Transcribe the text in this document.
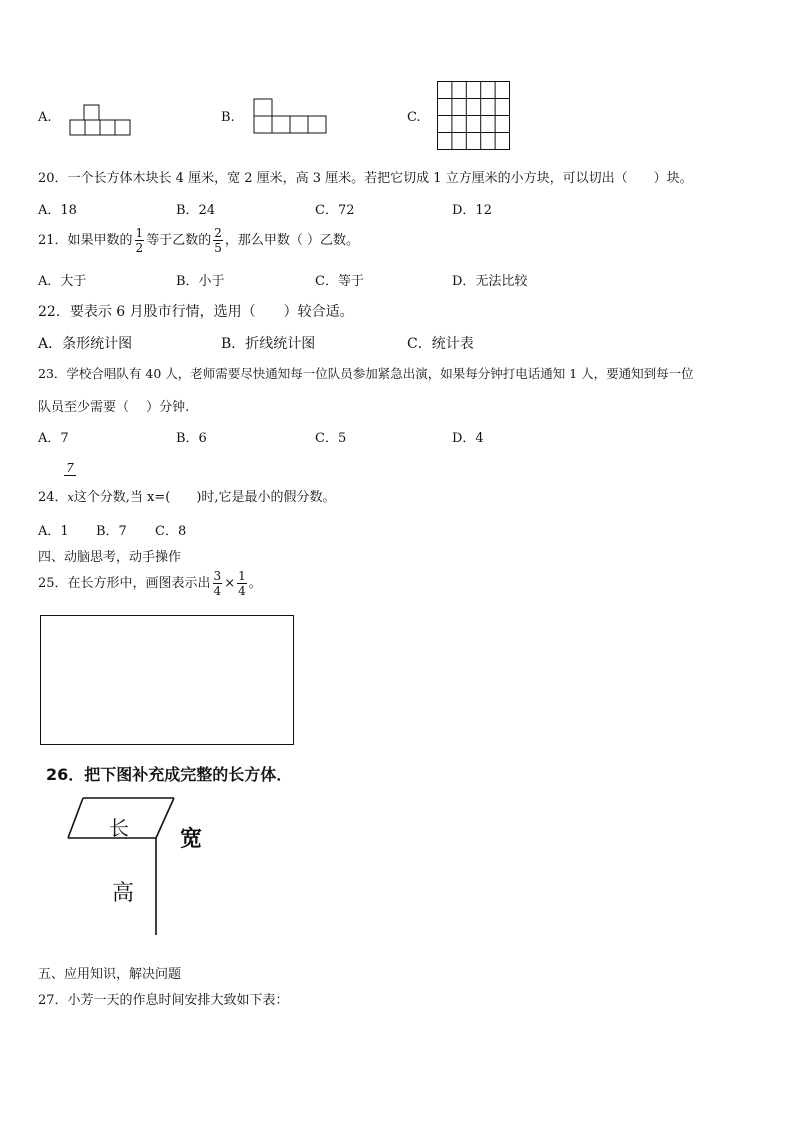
A.	B.	C.
20．一个长方体木块长 4 厘米，宽 2 厘米，高 3 厘米。若把它切成 1 立方厘米的小方块，可以切出（　　）块。
A．18	B．24	C．72	D．12
21．如果甲数的 $\frac{1}{2}$ 等于乙数的 $\frac{2}{5}$ ，那么甲数（ ）乙数。
A．大于	B．小于	C．等于	D．无法比较
22．要表示 6 月股市行情，选用（　　）较合适。
A．条形统计图	B．折线统计图	C．统计表
23．学校合唱队有 40 人，老师需要尽快通知每一位队员参加紧急出演，如果每分钟打电话通知 1 人，要通知到每一位
队员至少需要（　 ）分钟.
A．7	B．6	C．5	D．4
7
24．x这个分数,当 x=(　　)时,它是最小的假分数。
A．1 B．7 C．8
四、动脑思考，动手操作
25．在长方形中，画图表示出 $\frac{3}{4} \times \frac{1}{4}$ 。
26．把下图补充成完整的长方体．
长 宽
高
五、应用知识，解决问题
27．小芳一天的作息时间安排大致如下表：
